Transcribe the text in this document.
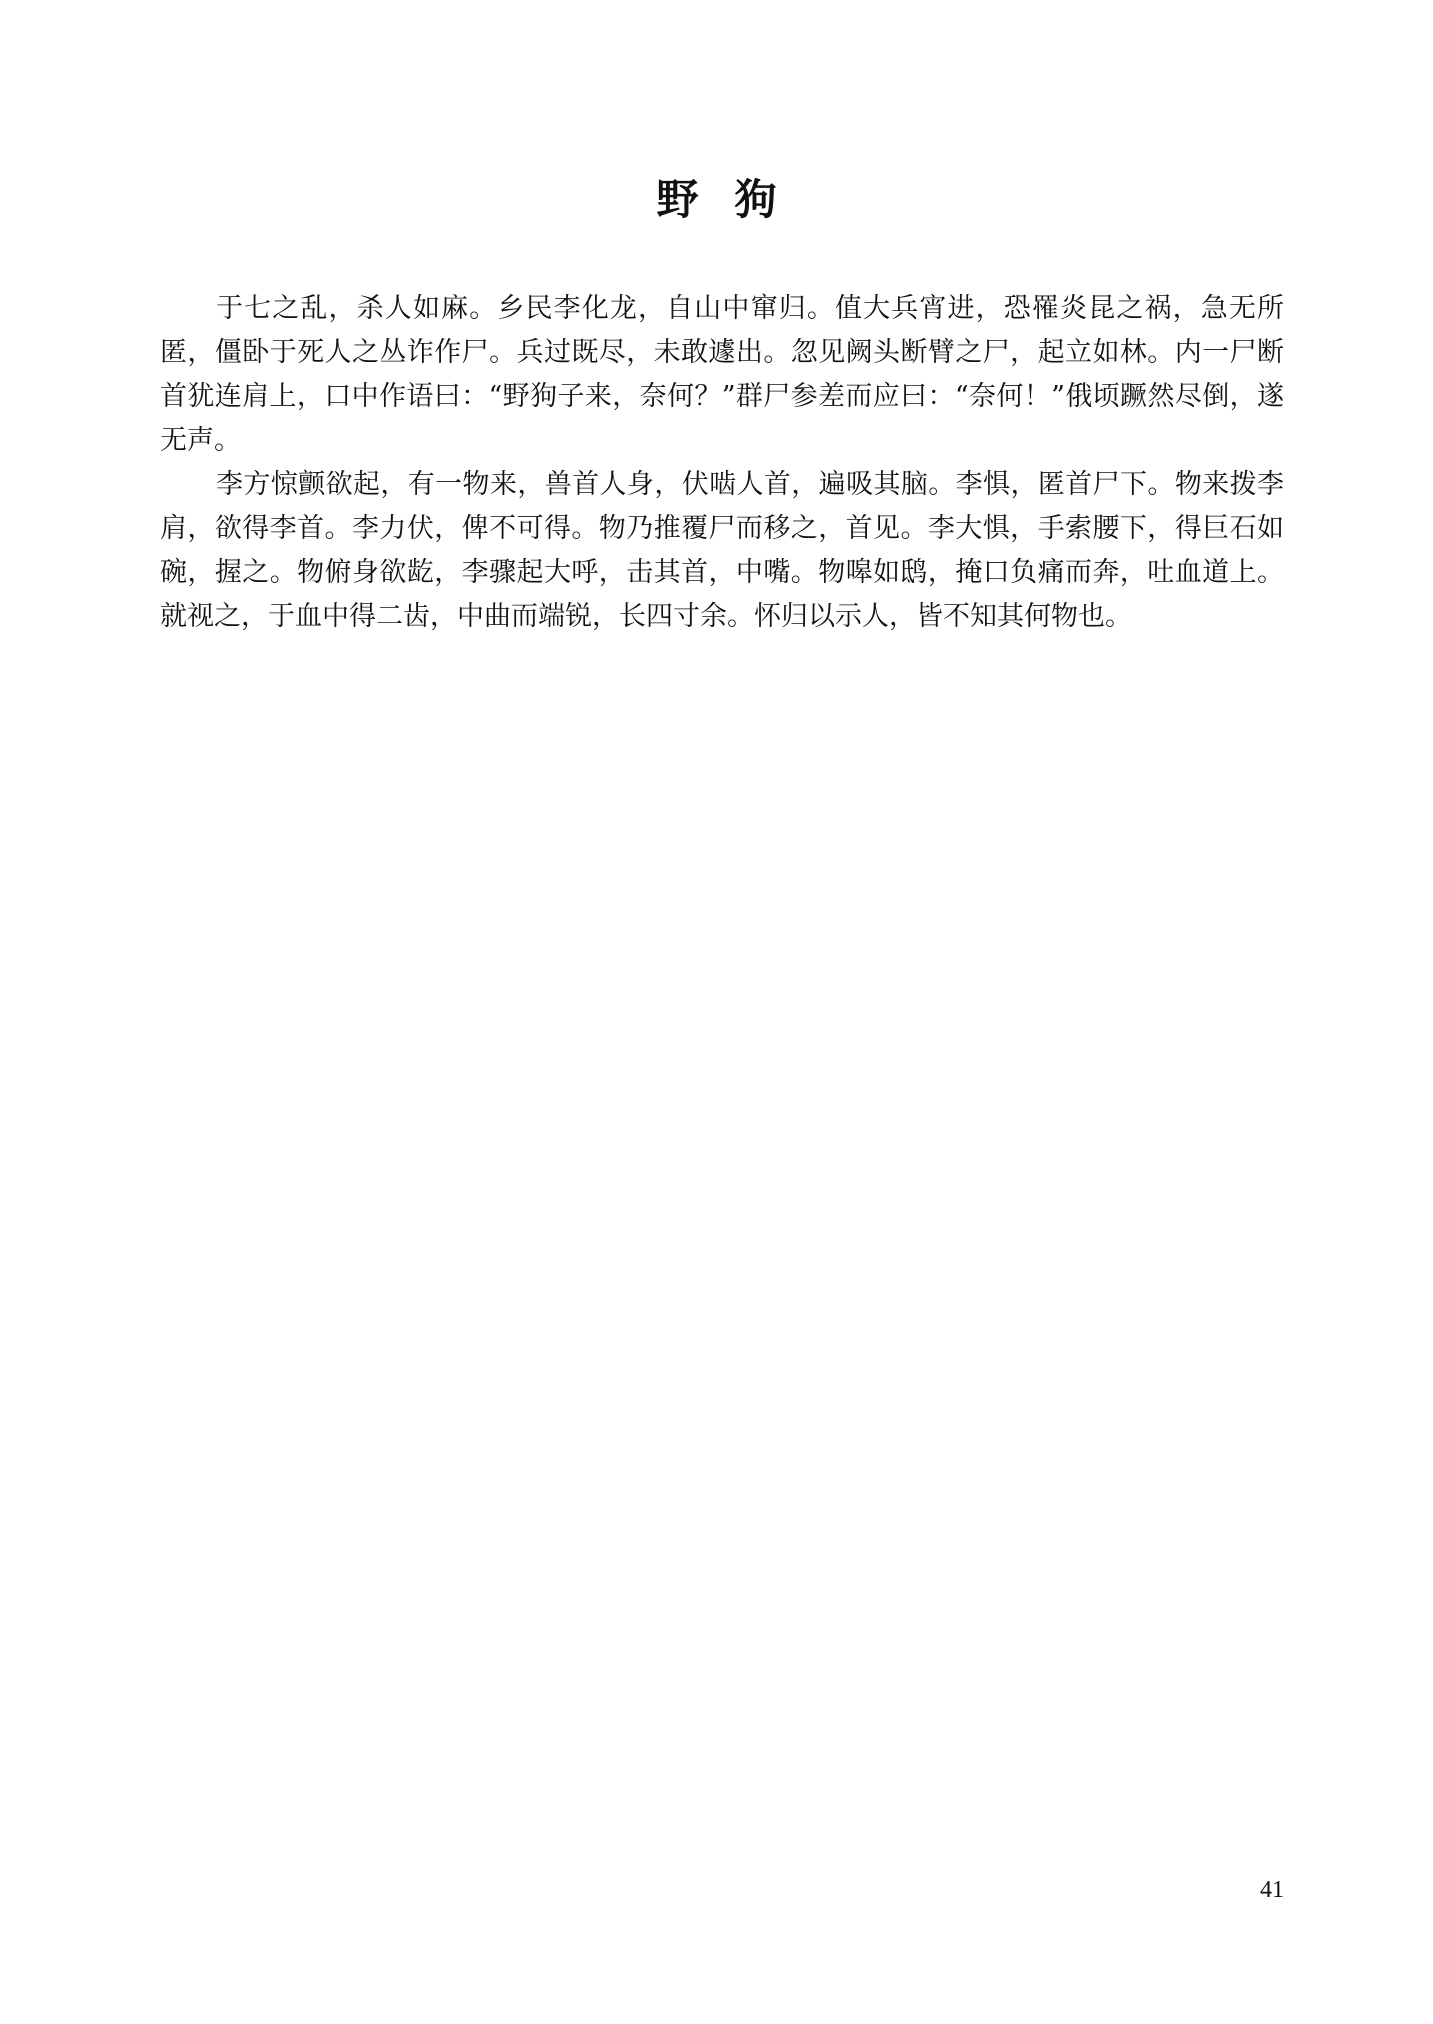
野狗

于七之乱，杀人如麻。乡民李化龙，自山中窜归。值大兵宵进，恐罹炎昆之祸，急无所匿，僵卧于死人之丛诈作尸。兵过既尽，未敢遽出。忽见阙头断臂之尸，起立如林。内一尸断首犹连肩上，口中作语曰：“野狗子来，奈何？”群尸参差而应曰：“奈何！”俄顷蹶然尽倒，遂无声。

李方惊颤欲起，有一物来，兽首人身，伏啮人首，遍吸其脑。李惧，匿首尸下。物来拨李肩，欲得李首。李力伏，俾不可得。物乃推覆尸而移之，首见。李大惧，手索腰下，得巨石如碗，握之。物俯身欲龁，李骤起大呼，击其首，中嘴。物嗥如鸱，掩口负痛而奔，吐血道上。就视之，于血中得二齿，中曲而端锐，长四寸余。怀归以示人，皆不知其何物也。

41
